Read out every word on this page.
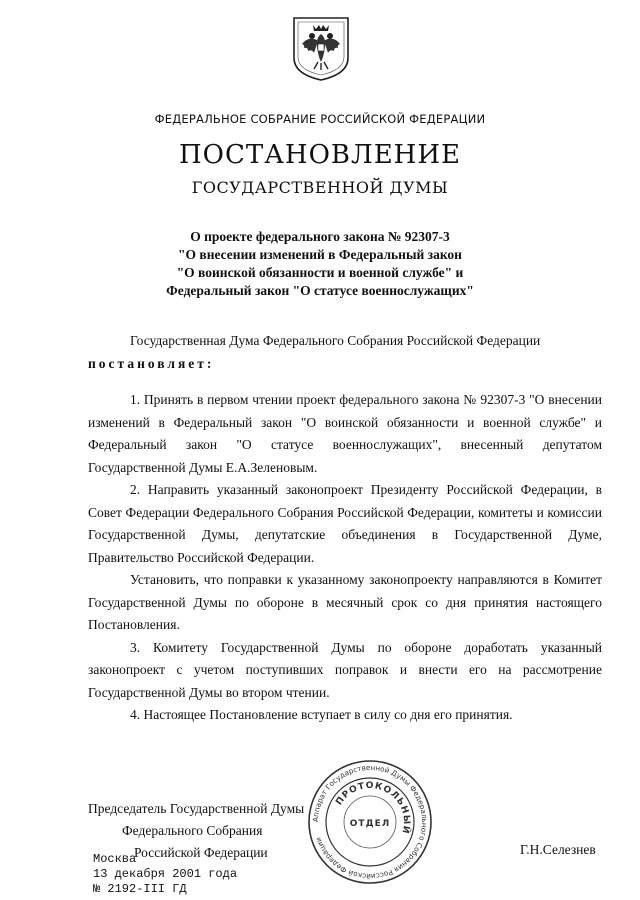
ФЕДЕРАЛЬНОЕ СОБРАНИЕ РОССИЙСКОЙ ФЕДЕРАЦИИ
ПОСТАНОВЛЕНИЕ
ГОСУДАРСТВЕННОЙ ДУМЫ
О проекте федерального закона № 92307-3
"О внесении изменений в Федеральный закон
"О воинской обязанности и военной службе" и
Федеральный закон "О статусе военнослужащих"

Государственная Дума Федерального Собрания Российской Федерации

постановляет:

1. Принять в первом чтении проект федерального закона № 92307-3 "О внесении изменений в Федеральный закон "О воинской обязанности и военной службе" и Федеральный закон "О статусе военнослужащих", внесенный депутатом Государственной Думы Е.А.Зеленовым.

2. Направить указанный законопроект Президенту Российской Федерации, в Совет Федерации Федерального Собрания Российской Федерации, комитеты и комиссии Государственной Думы, депутатские объединения в Государственной Думе, Правительство Российской Федерации.

Установить, что поправки к указанному законопроекту направляются в Комитет Государственной Думы по обороне в месячный срок со дня принятия настоящего Постановления.

3. Комитету Государственной Думы по обороне доработать указанный законопроект с учетом поступивших поправок и внести его на рассмотрение Государственной Думы во втором чтении.

4. Настоящее Постановление вступает в силу со дня его принятия.

Председатель Государственной Думы
Федерального Собрания
Российской Федерации	Г.Н.Селезнев
Москва
13 декабря 2001 года
№ 2192-III ГД
Аппарат Государственной Думы Федерального Собрания Российской Федерации
ПРОТОКОЛЬНЫЙ
ОТДЕЛ
